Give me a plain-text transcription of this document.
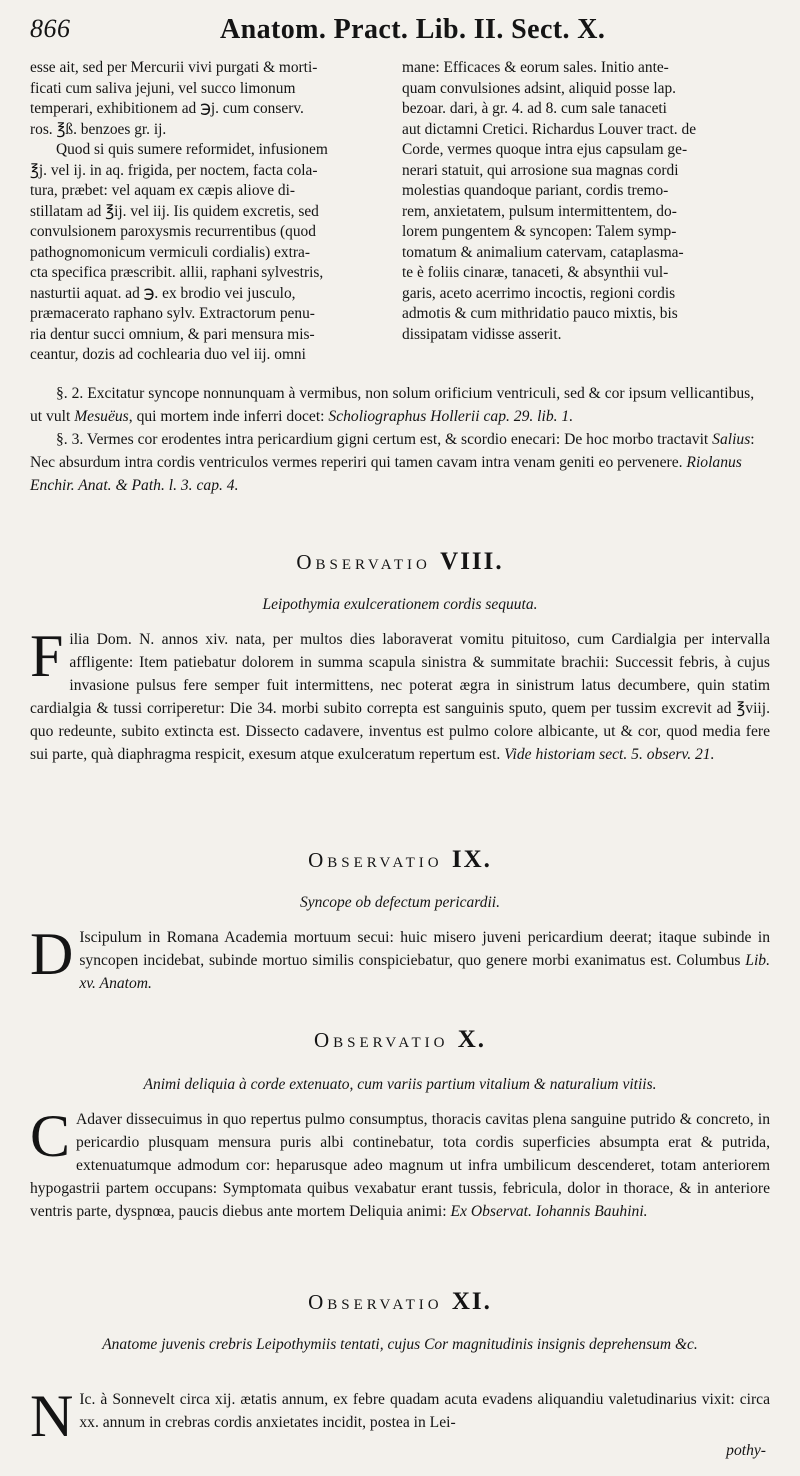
866	Anatom. Pract. Lib. II. Sect. X.

esse ait, sed per Mercurii vivi purgati & morti-
ficati cum saliva jejuni, vel succo limonum
temperari, exhibitionem ad ℈j. cum conserv.
ros. ℥ß. benzoes gr. ij.

Quod si quis sumere reformidet, infusionem
℥j. vel ij. in aq. frigida, per noctem, facta cola-
tura, præbet: vel aquam ex cæpis aliove di-
stillatam ad ℥ij. vel iij. Iis quidem excretis, sed
convulsionem paroxysmis recurrentibus (quod
pathognomonicum vermiculi cordialis) extra-
cta specifica præscribit. allii, raphani sylvestris,
nasturtii aquat. ad ℈. ex brodio vei jusculo,
præmacerato raphano sylv. Extractorum penu-
ria dentur succi omnium, & pari mensura mis-
ceantur, dozis ad cochlearia duo vel iij. omni

mane: Efficaces & eorum sales. Initio ante-
quam convulsiones adsint, aliquid posse lap.
bezoar. dari, à gr. 4. ad 8. cum sale tanaceti
aut dictamni Cretici. Richardus Louver tract. de
Corde, vermes quoque intra ejus capsulam ge-
nerari statuit, qui arrosione sua magnas cordi
molestias quandoque pariant, cordis tremo-
rem, anxietatem, pulsum intermittentem, do-
lorem pungentem & syncopen: Talem symp-
tomatum & animalium catervam, cataplasma-
te è foliis cinaræ, tanaceti, & absynthii vul-
garis, aceto acerrimo incoctis, regioni cordis
admotis & cum mithridatio pauco mixtis, bis
dissipatam vidisse asserit.

§. 2. Excitatur syncope nonnunquam à vermibus, non solum orificium ventriculi, sed & cor ipsum vellicantibus, ut vult Mesuëus, qui mortem inde inferri docet: Scholiographus Hollerii cap. 29. lib. 1.

§. 3. Vermes cor erodentes intra pericardium gigni certum est, & scordio enecari: De hoc morbo tractavit Salius: Nec absurdum intra cordis ventriculos vermes reperiri qui tamen cavam intra venam geniti eo pervenere. Riolanus Enchir. Anat. & Path. l. 3. cap. 4.

Observatio VIII.
Leipothymia exulcerationem cordis sequuta.

Filia Dom. N. annos xiv. nata, per multos dies laboraverat vomitu pituitoso, cum Cardialgia per intervalla affligente: Item patiebatur dolorem in summa scapula sinistra & summitate brachii: Successit febris, à cujus invasione pulsus fere semper fuit intermittens, nec poterat ægra in sinistrum latus decumbere, quin statim cardialgia & tussi corriperetur: Die 34. morbi subito correpta est sanguinis sputo, quem per tussim excrevit ad ℥viij. quo redeunte, subito extincta est. Dissecto cadavere, inventus est pulmo colore albicante, ut & cor, quod media fere sui parte, quà diaphragma respicit, exesum atque exulceratum repertum est. Vide historiam sect. 5. observ. 21.

Observatio IX.
Syncope ob defectum pericardii.

D Iscipulum in Romana Academia mortuum secui: huic misero juveni pericardium deerat; itaque subinde in syncopen incidebat, subinde mortuo similis conspiciebatur, quo genere morbi exanimatus est. Columbus Lib. xv. Anatom.

Observatio X.
Animi deliquia à corde extenuato, cum variis partium vitalium & naturalium vitiis.

C Adaver dissecuimus in quo repertus pulmo consumptus, thoracis cavitas plena sanguine putrido & concreto, in pericardio plusquam mensura puris albi continebatur, tota cordis superficies absumpta erat & putrida, extenuatumque admodum cor: heparusque adeo magnum ut infra umbilicum descenderet, totam anteriorem hypogastrii partem occupans: Symptomata quibus vexabatur erant tussis, febricula, dolor in thorace, & in anteriore ventris parte, dyspnœa, paucis diebus ante mortem Deliquia animi: Ex Observat. Iohannis Bauhini.

Observatio XI.
Anatome juvenis crebris Leipothymiis tentati, cujus Cor magnitudinis insignis deprehensum &c.

N Ic. à Sonnevelt circa xij. ætatis annum, ex febre quadam acuta evadens aliquandiu valetudinarius vixit: circa xx. annum in crebras cordis anxietates incidit, postea in Lei-

pothy-
